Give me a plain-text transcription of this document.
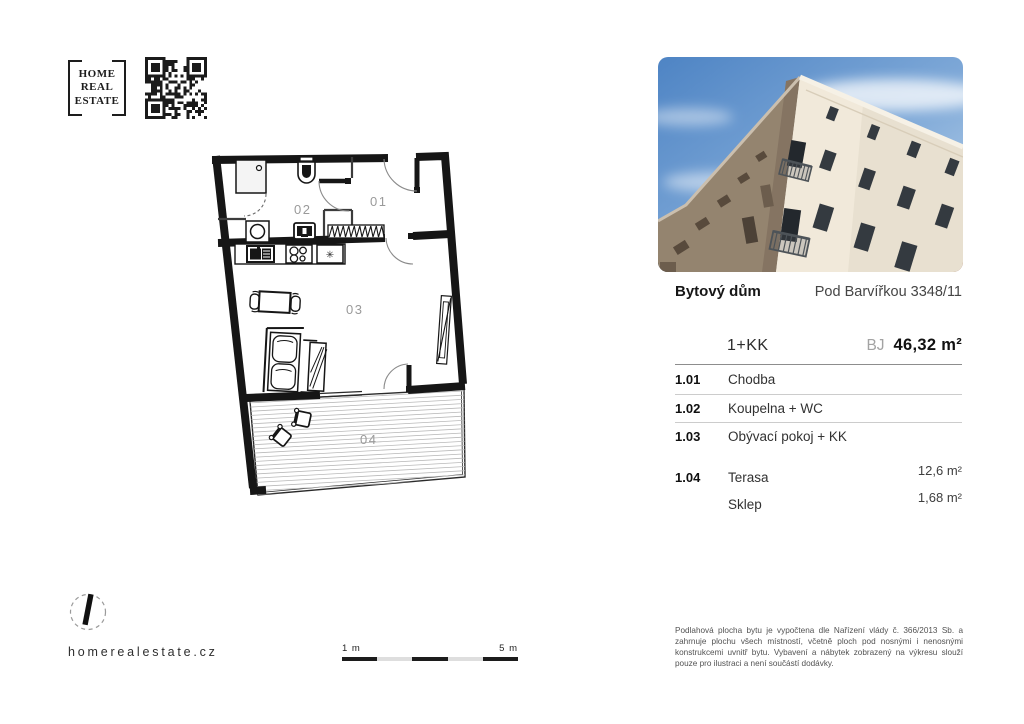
HOME
REAL
ESTATE
✳
01
02
03
04
Bytový dům	Pod Barvířkou 3348/11
1+KK	BJ 46,32 m²
1.01	Chodba
1.02	Koupelna + WC
1.03	Obývací pokoj + KK
1.04	Terasa	12,6 m²
Sklep	1,68 m²
Podlahová plocha bytu je vypočtena dle Nařízení vlády č. 366/2013 Sb. a zahrnuje plochu všech místností, včetně ploch pod nosnými i nenosnými konstrukcemi uvnitř bytu. Vybavení a nábytek zobrazený na výkresu slouží pouze pro ilustraci a není součástí dodávky.
homerealestate.cz	1 m	5 m
